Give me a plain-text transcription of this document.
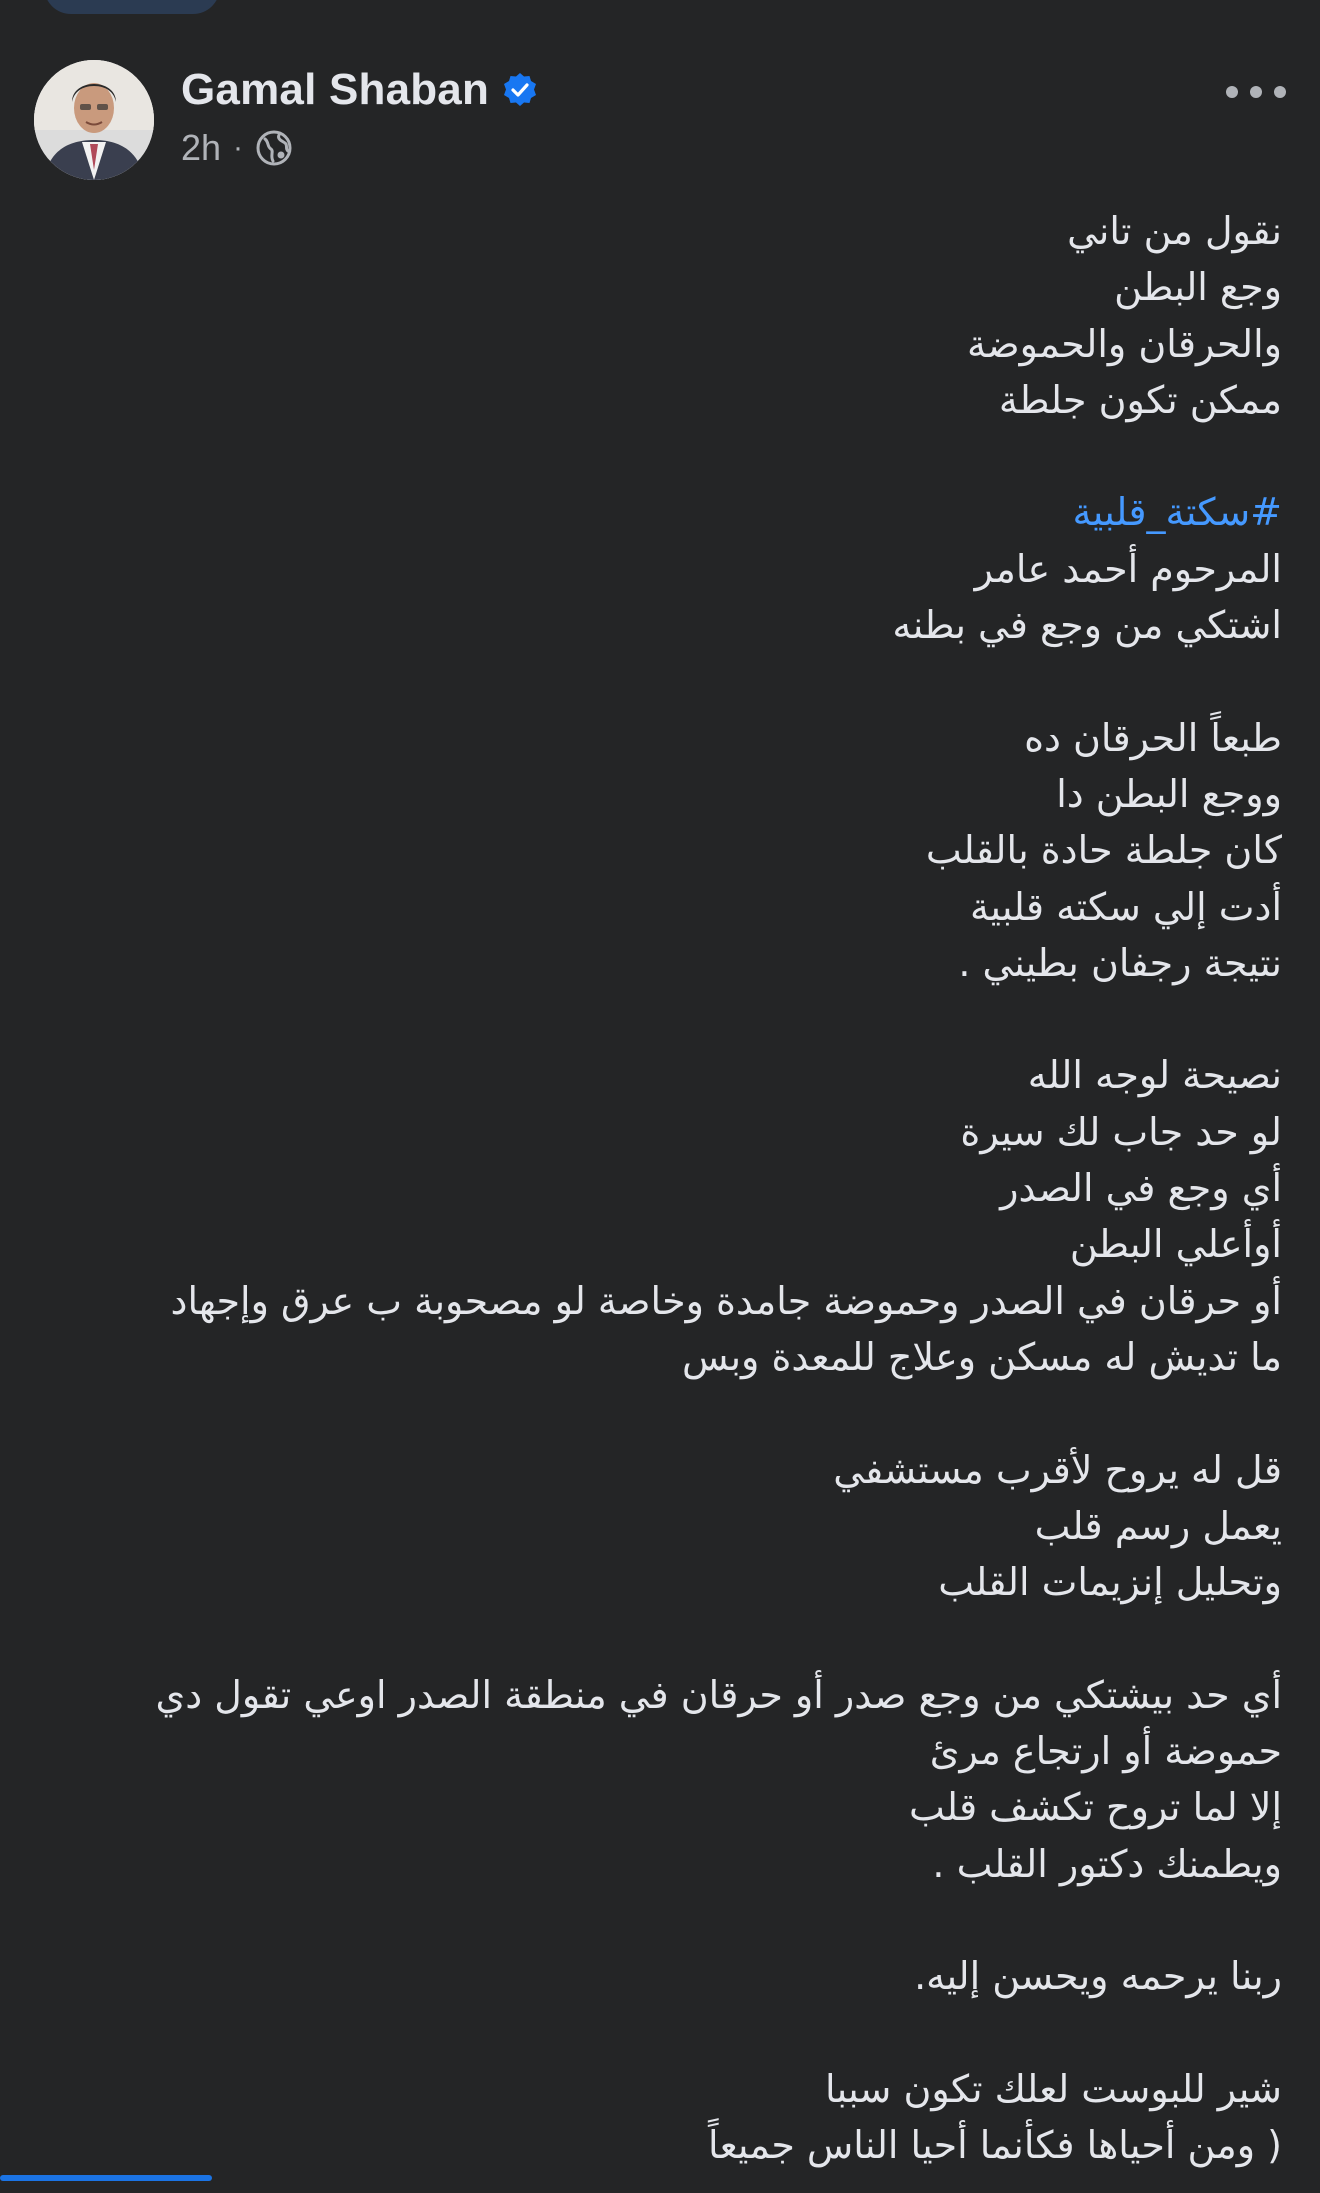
Gamal Shaban
2h ·
نقول من تاني
وجع البطن
والحرقان والحموضة
ممكن تكون جلطة
#سكتة_قلبية
المرحوم أحمد عامر
اشتكي من وجع في بطنه
طبعاً الحرقان ده
ووجع البطن دا
كان جلطة حادة بالقلب
أدت إلي سكته قلبية
نتيجة رجفان بطيني .
نصيحة لوجه الله
لو حد جاب لك سيرة
أي وجع في الصدر
أوأعلي البطن
أو حرقان في الصدر وحموضة جامدة وخاصة لو مصحوبة ب عرق وإجهاد
ما تديش له مسكن وعلاج للمعدة وبس
قل له يروح لأقرب مستشفي
يعمل رسم قلب
وتحليل إنزيمات القلب
أي حد بيشتكي من وجع صدر أو حرقان في منطقة الصدر اوعي تقول دي
حموضة أو ارتجاع مرئ
إلا لما تروح تكشف قلب
ويطمنك دكتور القلب .
ربنا يرحمه ويحسن إليه.
شير للبوست لعلك تكون سببا
( ومن أحياها فكأنما أحيا الناس جميعاً
